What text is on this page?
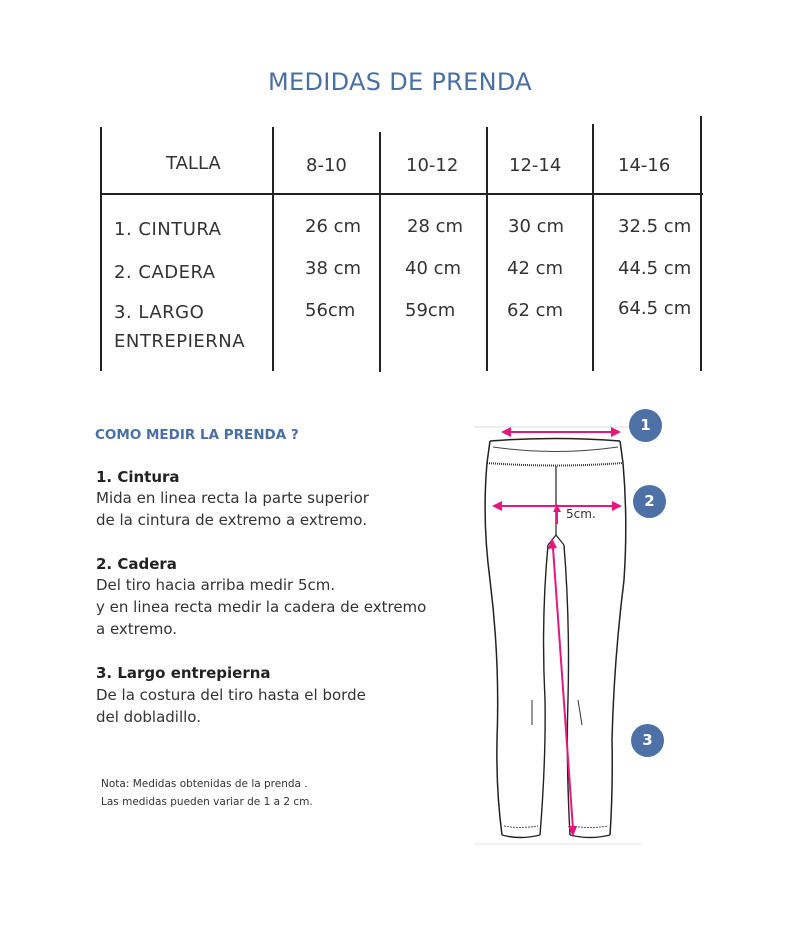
MEDIDAS DE PRENDA
TALLA	8-10	10-12	12-14	14-16
1. CINTURA	26 cm	28 cm 30 cm	32.5 cm
2. CADERA	38 cm 40 cm	42 cm	44.5 cm
3. LARGO
ENTREPIERNA
56cm	59cm	62 cm	64.5 cm
COMO MEDIR LA PRENDA ?
1. Cintura
Mida en linea recta la parte superior
de la cintura de extremo a extremo.
2. Cadera
Del tiro hacia arriba medir 5cm.
y en linea recta medir la cadera de extremo
a extremo.
3. Largo entrepierna
De la costura del tiro hasta el borde
del dobladillo.
Nota: Medidas obtenidas de la prenda .
Las medidas pueden variar de 1 a 2 cm.
5cm.
1
2
3
